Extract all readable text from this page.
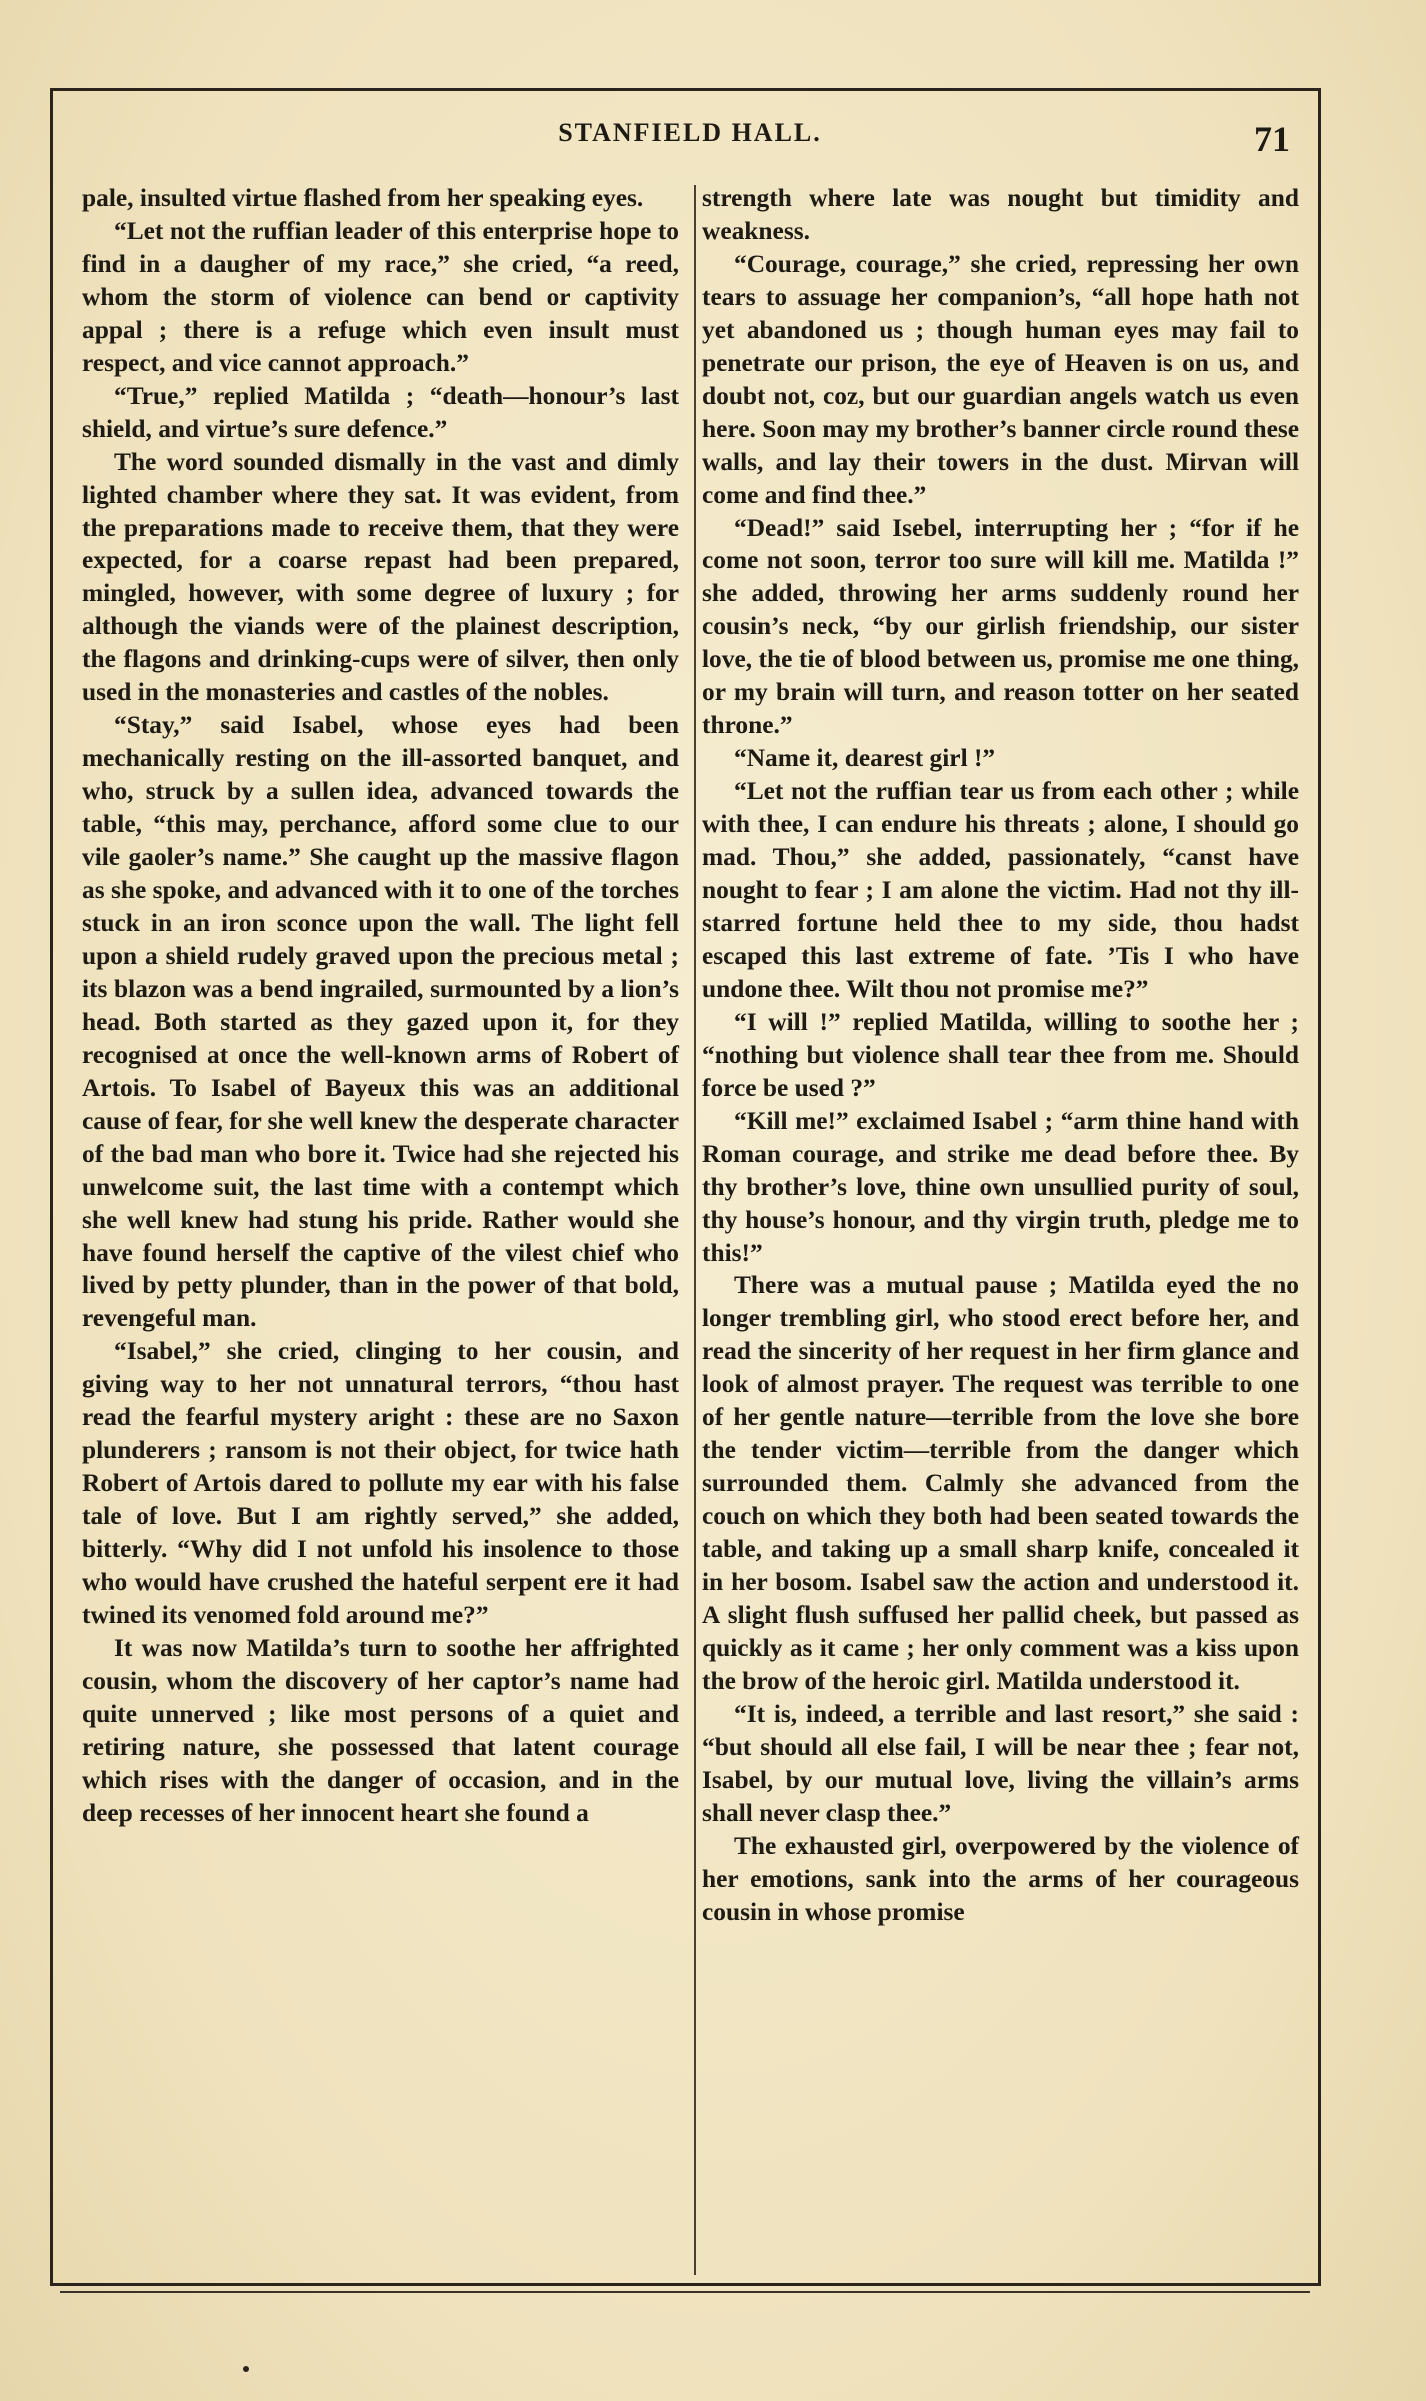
STANFIELD HALL.	71

pale, insulted virtue flashed from her speaking eyes.

“Let not the ruffian leader of this enterprise hope to find in a daugher of my race,” she cried, “a reed, whom the storm of violence can bend or captivity appal ; there is a refuge which even insult must respect, and vice cannot approach.”

“True,” replied Matilda ; “death—honour’s last shield, and virtue’s sure defence.”

The word sounded dismally in the vast and dimly lighted chamber where they sat. It was evident, from the preparations made to receive them, that they were expected, for a coarse repast had been prepared, mingled, however, with some degree of luxury ; for although the viands were of the plainest description, the flagons and drinking-cups were of silver, then only used in the monasteries and castles of the nobles.

“Stay,” said Isabel, whose eyes had been mechanically resting on the ill-assorted banquet, and who, struck by a sullen idea, advanced towards the table, “this may, perchance, afford some clue to our vile gaoler’s name.” She caught up the massive flagon as she spoke, and advanced with it to one of the torches stuck in an iron sconce upon the wall. The light fell upon a shield rudely graved upon the precious metal ; its blazon was a bend ingrailed, surmounted by a lion’s head. Both started as they gazed upon it, for they recognised at once the well-known arms of Robert of Artois. To Isabel of Bayeux this was an additional cause of fear, for she well knew the desperate character of the bad man who bore it. Twice had she rejected his unwelcome suit, the last time with a contempt which she well knew had stung his pride. Rather would she have found herself the captive of the vilest chief who lived by petty plunder, than in the power of that bold, revengeful man.

“Isabel,” she cried, clinging to her cousin, and giving way to her not unnatural terrors, “thou hast read the fearful mystery aright : these are no Saxon plunderers ; ransom is not their object, for twice hath Robert of Artois dared to pollute my ear with his false tale of love. But I am rightly served,” she added, bitterly. “Why did I not unfold his insolence to those who would have crushed the hateful serpent ere it had twined its venomed fold around me?”

It was now Matilda’s turn to soothe her affrighted cousin, whom the discovery of her captor’s name had quite unnerved ; like most persons of a quiet and retiring nature, she possessed that latent courage which rises with the danger of occasion, and in the deep recesses of her innocent heart she found a

strength where late was nought but timidity and weakness.

“Courage, courage,” she cried, repressing her own tears to assuage her companion’s, “all hope hath not yet abandoned us ; though human eyes may fail to penetrate our prison, the eye of Heaven is on us, and doubt not, coz, but our guardian angels watch us even here. Soon may my brother’s banner circle round these walls, and lay their towers in the dust. Mirvan will come and find thee.”

“Dead!” said Isebel, interrupting her ; “for if he come not soon, terror too sure will kill me. Matilda !” she added, throwing her arms suddenly round her cousin’s neck, “by our girlish friendship, our sister love, the tie of blood between us, promise me one thing, or my brain will turn, and reason totter on her seated throne.”

“Name it, dearest girl !”

“Let not the ruffian tear us from each other ; while with thee, I can endure his threats ; alone, I should go mad. Thou,” she added, passionately, “canst have nought to fear ; I am alone the victim. Had not thy ill-starred fortune held thee to my side, thou hadst escaped this last extreme of fate. ’Tis I who have undone thee. Wilt thou not promise me?”

“I will !” replied Matilda, willing to soothe her ; “nothing but violence shall tear thee from me. Should force be used ?”

“Kill me!” exclaimed Isabel ; “arm thine hand with Roman courage, and strike me dead before thee. By thy brother’s love, thine own unsullied purity of soul, thy house’s honour, and thy virgin truth, pledge me to this!”

There was a mutual pause ; Matilda eyed the no longer trembling girl, who stood erect before her, and read the sincerity of her request in her firm glance and look of almost prayer. The request was terrible to one of her gentle nature—terrible from the love she bore the tender victim—terrible from the danger which surrounded them. Calmly she advanced from the couch on which they both had been seated towards the table, and taking up a small sharp knife, concealed it in her bosom. Isabel saw the action and understood it. A slight flush suffused her pallid cheek, but passed as quickly as it came ; her only comment was a kiss upon the brow of the heroic girl. Matilda understood it.

“It is, indeed, a terrible and last resort,” she said : “but should all else fail, I will be near thee ; fear not, Isabel, by our mutual love, living the villain’s arms shall never clasp thee.”

The exhausted girl, overpowered by the violence of her emotions, sank into the arms of her courageous cousin in whose promise
